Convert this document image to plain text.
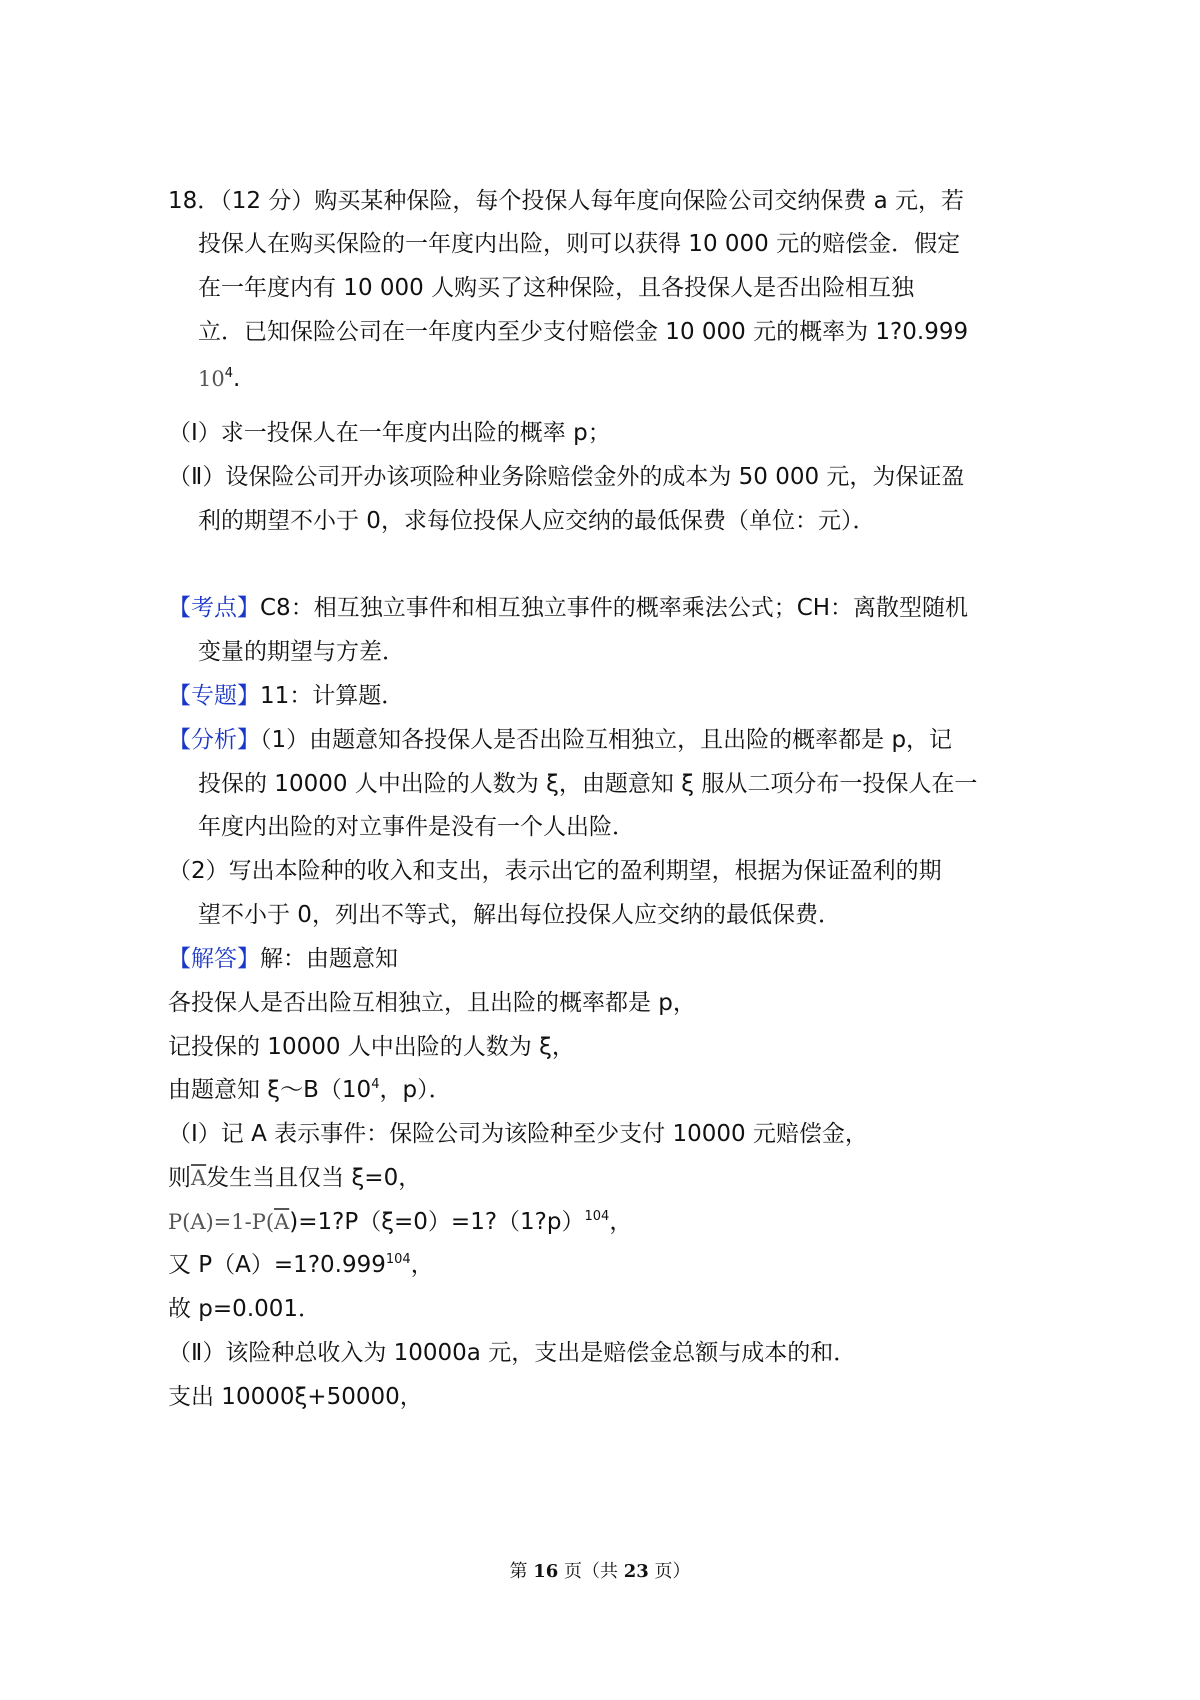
18．（12 分）购买某种保险，每个投保人每年度向保险公司交纳保费 a 元，若
投保人在购买保险的一年度内出险，则可以获得 10 000 元的赔偿金．假定
在一年度内有 10 000 人购买了这种保险，且各投保人是否出险相互独
立．已知保险公司在一年度内至少支付赔偿金 10 000 元的概率为 1?0.999
$10^4$.
（Ⅰ）求一投保人在一年度内出险的概率 p；
（Ⅱ）设保险公司开办该项险种业务除赔偿金外的成本为 50 000 元，为保证盈
利的期望不小于 0，求每位投保人应交纳的最低保费（单位：元）．
【考点】C8：相互独立事件和相互独立事件的概率乘法公式；CH：离散型随机
变量的期望与方差．
【专题】11：计算题．
【分析】（1）由题意知各投保人是否出险互相独立，且出险的概率都是 p，记
投保的 10000 人中出险的人数为 ξ，由题意知 ξ 服从二项分布一投保人在一
年度内出险的对立事件是没有一个人出险．
（2）写出本险种的收入和支出，表示出它的盈利期望，根据为保证盈利的期
望不小于 0，列出不等式，解出每位投保人应交纳的最低保费．
【解答】解：由题意知
各投保人是否出险互相独立，且出险的概率都是 p，
记投保的 10000 人中出险的人数为 ξ，
由题意知 $\xi\sim B(10^4$，p）．
（Ⅰ）记 A 表示事件：保险公司为该险种至少支付 10000 元赔偿金，
则$\overline{A}$发生当且仅当 ξ=0，
$P(A)=1-P(\overline{A})=1?P(\xi=0)=1?(1?p)^{104}$，
又 $P(A)=1?0.999^{104}$，
故 p=0.001．
（Ⅱ）该险种总收入为 10000a 元，支出是赔偿金总额与成本的和．
支出 10000ξ+50000，
第 16 页（共 23 页）
